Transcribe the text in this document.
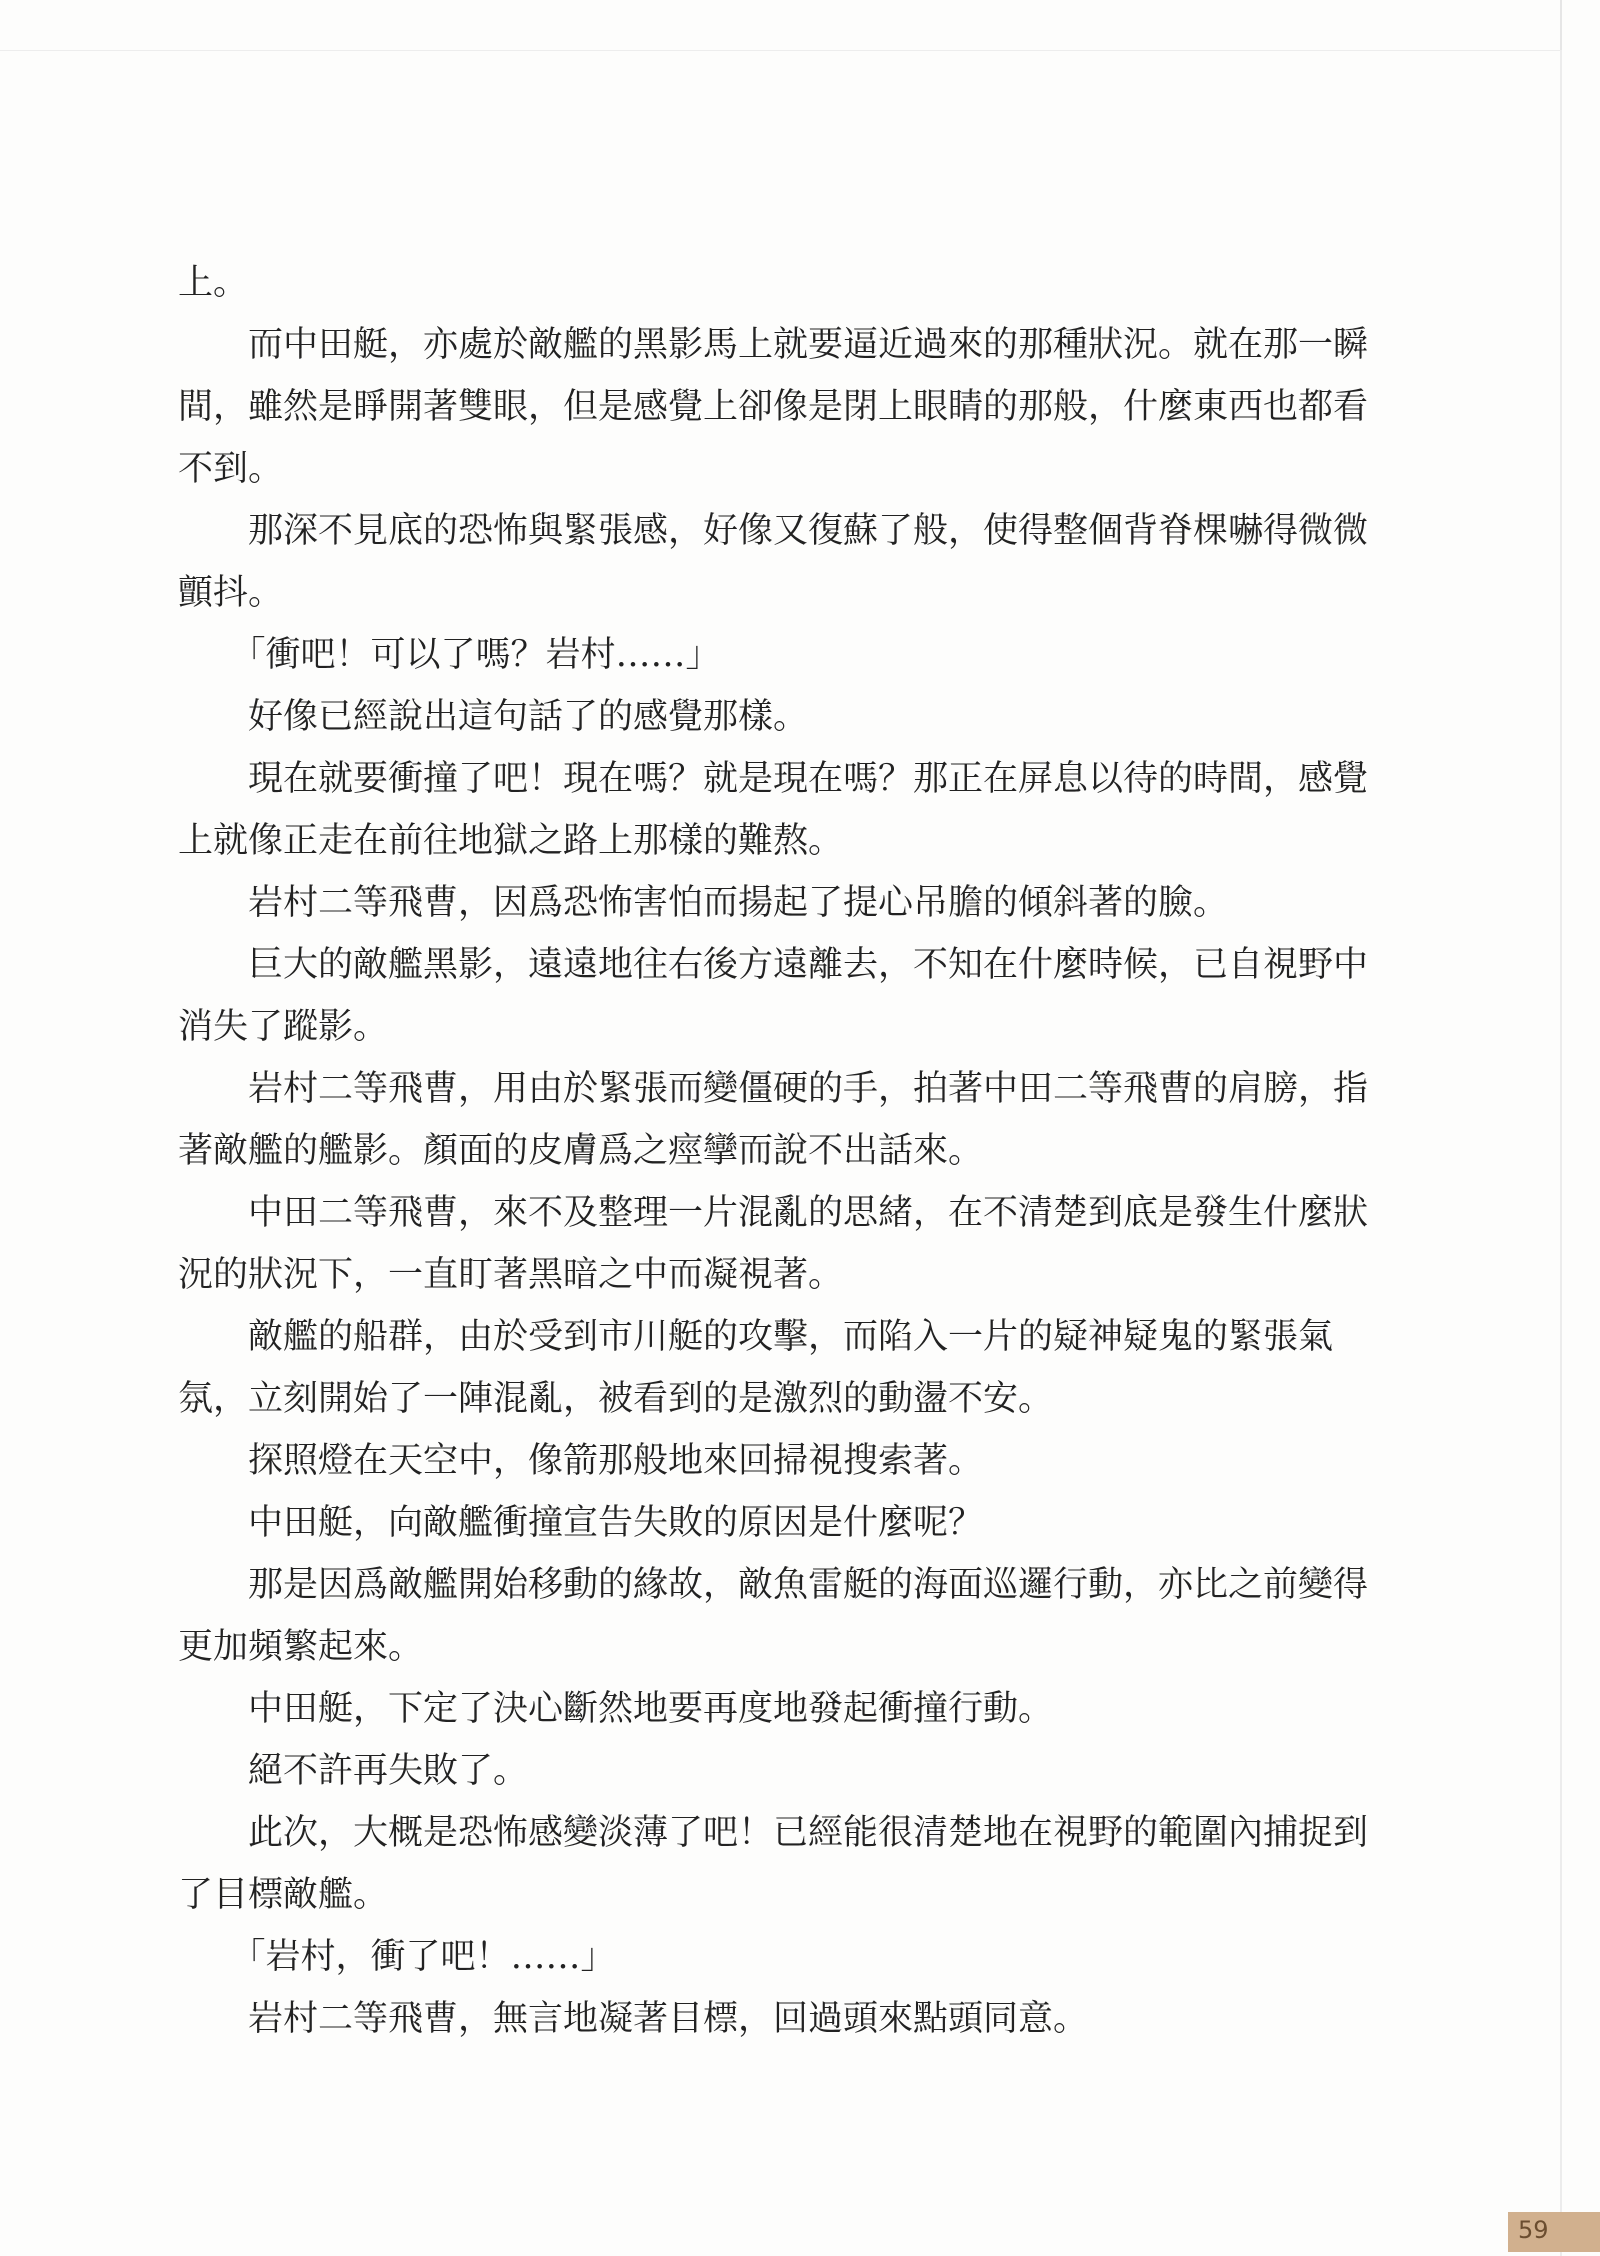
上。

　　而中田艇，亦處於敵艦的黑影馬上就要逼近過來的那種狀況。就在那一瞬

間，雖然是睜開著雙眼，但是感覺上卻像是閉上眼睛的那般，什麼東西也都看

不到。

　　那深不見底的恐怖與緊張感，好像又復蘇了般，使得整個背脊棵嚇得微微

顫抖。

　　「衝吧！可以了嗎？岩村……」

　　好像已經說出這句話了的感覺那樣。

　　現在就要衝撞了吧！現在嗎？就是現在嗎？那正在屏息以待的時間，感覺

上就像正走在前往地獄之路上那樣的難熬。

　　岩村二等飛曹，因爲恐怖害怕而揚起了提心吊膽的傾斜著的臉。

　　巨大的敵艦黑影，遠遠地往右後方遠離去，不知在什麼時候，已自視野中

消失了蹤影。

　　岩村二等飛曹，用由於緊張而變僵硬的手，拍著中田二等飛曹的肩膀，指

著敵艦的艦影。顏面的皮膚爲之痙攣而說不出話來。

　　中田二等飛曹，來不及整理一片混亂的思緒，在不清楚到底是發生什麼狀

況的狀況下，一直盯著黑暗之中而凝視著。

　　敵艦的船群，由於受到市川艇的攻擊，而陷入一片的疑神疑鬼的緊張氣

氛，立刻開始了一陣混亂，被看到的是激烈的動盪不安。

　　探照燈在天空中，像箭那般地來回掃視搜索著。

　　中田艇，向敵艦衝撞宣告失敗的原因是什麼呢？

　　那是因爲敵艦開始移動的緣故，敵魚雷艇的海面巡邏行動，亦比之前變得

更加頻繁起來。

　　中田艇，下定了決心斷然地要再度地發起衝撞行動。

　　絕不許再失敗了。

　　此次，大概是恐怖感變淡薄了吧！已經能很清楚地在視野的範圍內捕捉到

了目標敵艦。

　　「岩村，衝了吧！……」

　　岩村二等飛曹，無言地凝著目標，回過頭來點頭同意。

59
